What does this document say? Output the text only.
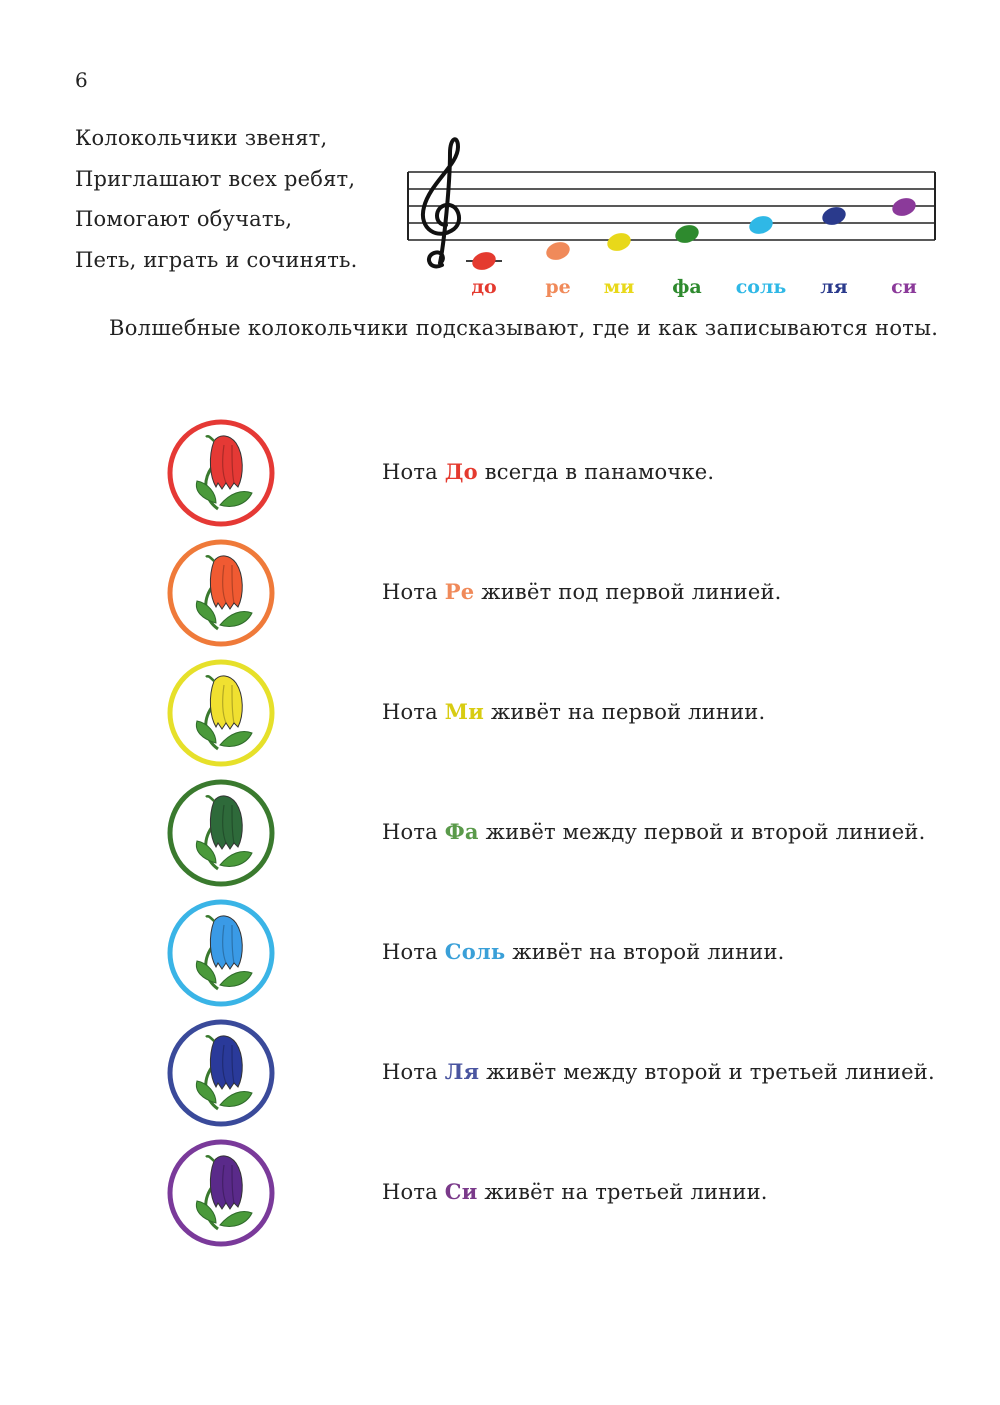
6
Колокольчики звенят,
Приглашают всех ребят,
Помогают обучать,
Петь, играть и сочинять.
до	ре ми фа соль ля си
Волшебные колокольчики подсказывают, где и как записываются ноты.
Нота До всегда в панамочке.
Нота Ре живёт под первой линией.
Нота Ми живёт на первой линии.
Нота Фа живёт между первой и второй линией.
Нота Соль живёт на второй линии.
Нота Ля живёт между второй и третьей линией.
Нота Си живёт на третьей линии.
